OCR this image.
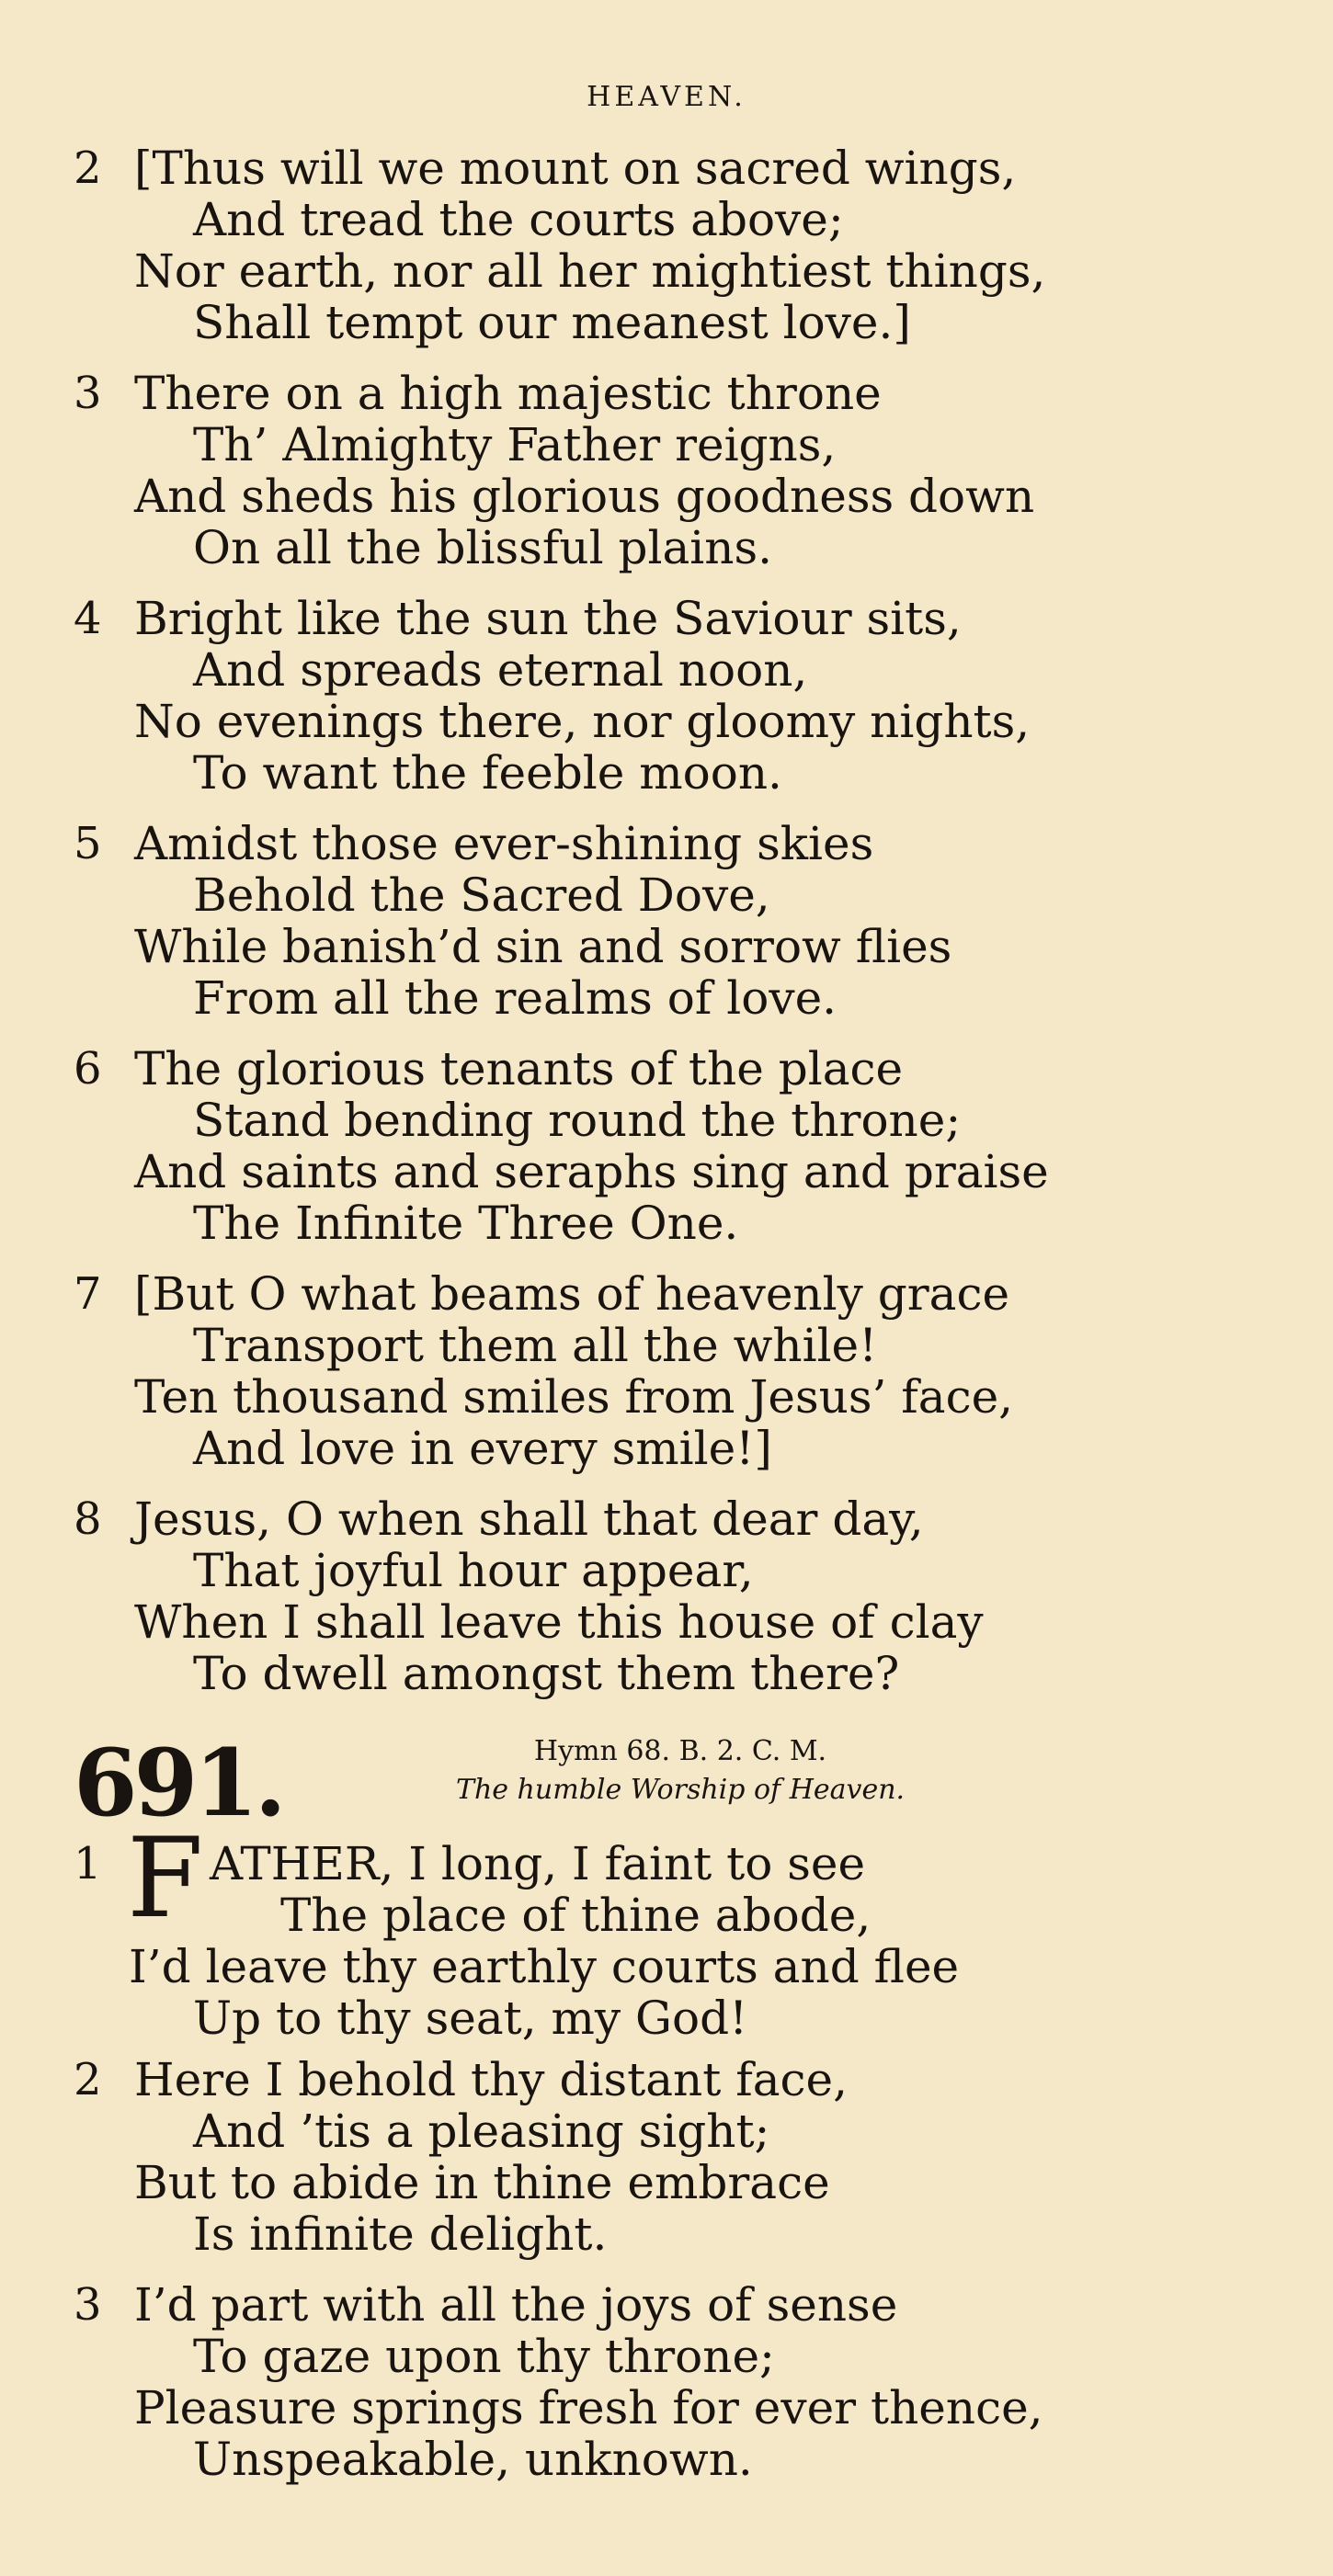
HEAVEN.
2 [Thus will we mount on sacred wings,
And tread the courts above;
Nor earth, nor all her mightiest things,
Shall tempt our meanest love.]
3 There on a high majestic throne
Th’ Almighty Father reigns,
And sheds his glorious goodness down
On all the blissful plains.
4 Bright like the sun the Saviour sits,
And spreads eternal noon,
No evenings there, nor gloomy nights,
To want the feeble moon.
5 Amidst those ever-shining skies
Behold the Sacred Dove,
While banish’d sin and sorrow flies
From all the realms of love.
6 The glorious tenants of the place
Stand bending round the throne;
And saints and seraphs sing and praise
The Infinite Three One.
7 [But O what beams of heavenly grace
Transport them all the while!
Ten thousand smiles from Jesus’ face,
And love in every smile!]
8 Jesus, O when shall that dear day,
That joyful hour appear,
When I shall leave this house of clay
To dwell amongst them there?
691.	Hymn 68. B. 2. C. M.
The humble Worship of Heaven.
1 F ATHER, I long, I faint to see
The place of thine abode,
I’d leave thy earthly courts and flee
Up to thy seat, my God!
2 Here I behold thy distant face,
And ’tis a pleasing sight;
But to abide in thine embrace
Is infinite delight.
3 I’d part with all the joys of sense
To gaze upon thy throne;
Pleasure springs fresh for ever thence,
Unspeakable, unknown.
